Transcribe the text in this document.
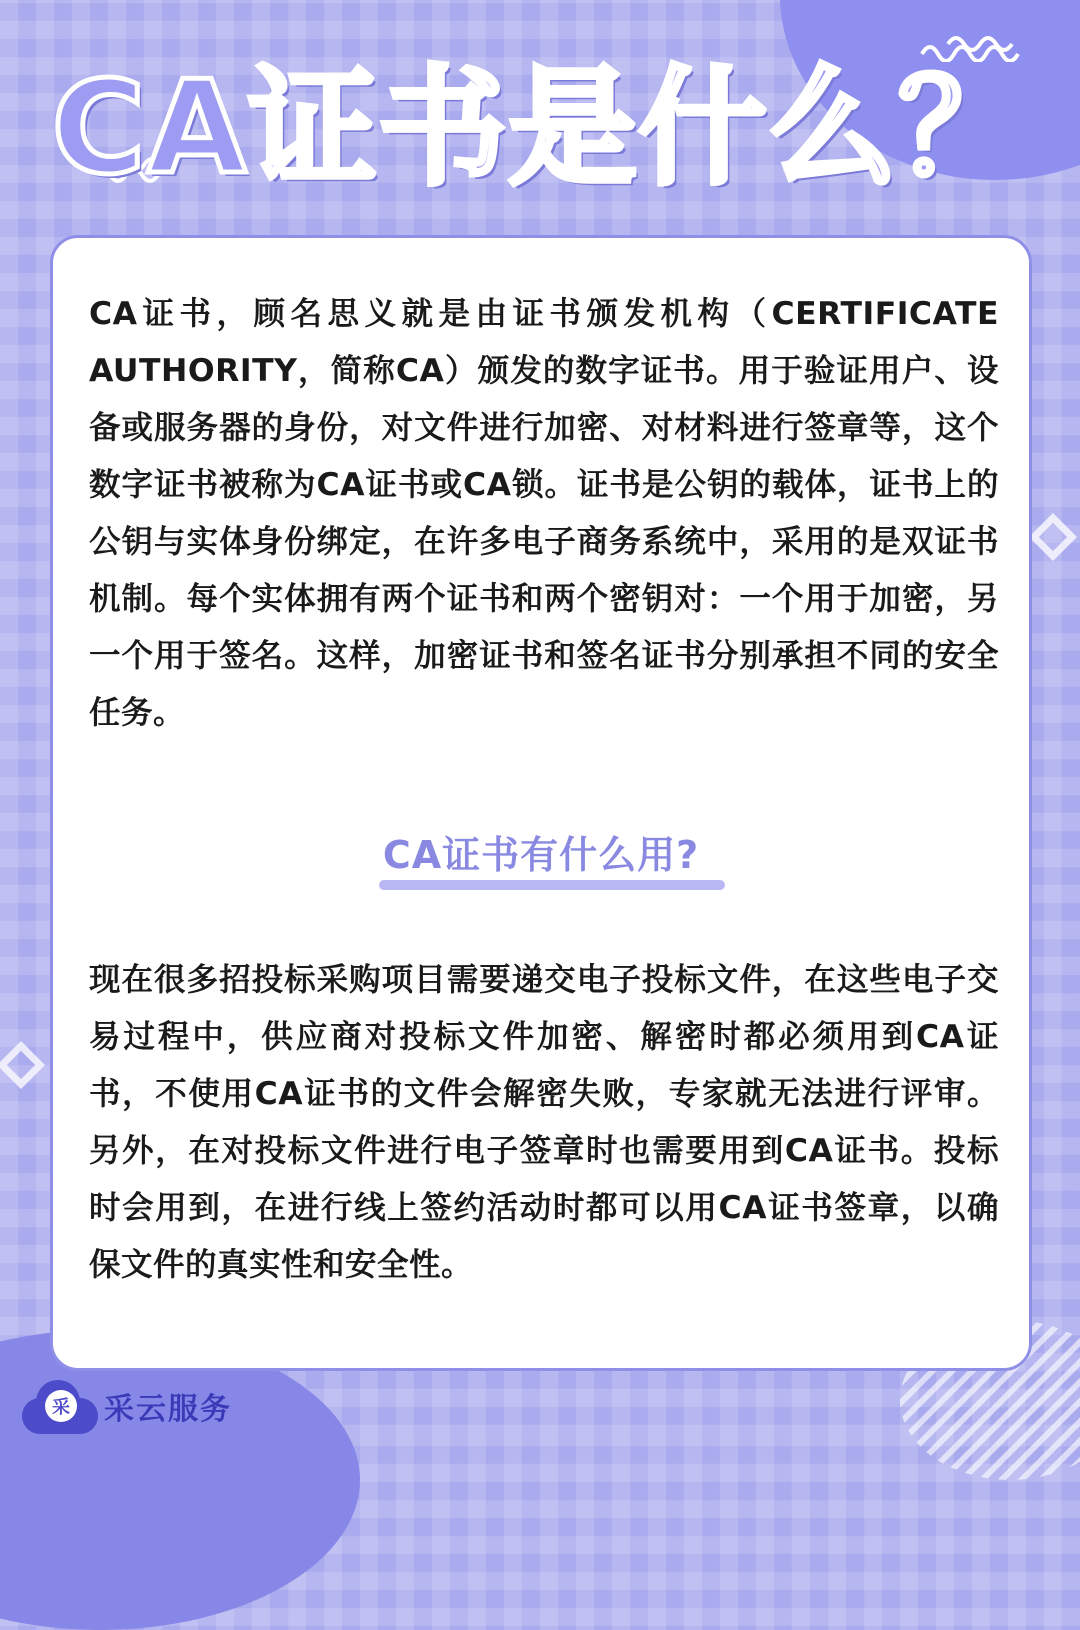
CA证书是什么？

CA证书，顾名思义就是由证书颁发机构（CERTIFICATE AUTHORITY，简称CA）颁发的数字证书。用于验证用户、设备或服务器的身份，对文件进行加密、对材料进行签章等，这个数字证书被称为CA证书或CA锁。证书是公钥的载体，证书上的公钥与实体身份绑定，在许多电子商务系统中，采用的是双证书机制。每个实体拥有两个证书和两个密钥对：一个用于加密，另一个用于签名。这样，加密证书和签名证书分别承担不同的安全任务。

CA证书有什么用?

现在很多招投标采购项目需要递交电子投标文件，在这些电子交易过程中，供应商对投标文件加密、解密时都必须用到CA证书，不使用CA证书的文件会解密失败，专家就无法进行评审。另外，在对投标文件进行电子签章时也需要用到CA证书。投标时会用到，在进行线上签约活动时都可以用CA证书签章，以确保文件的真实性和安全性。

采 采云服务
